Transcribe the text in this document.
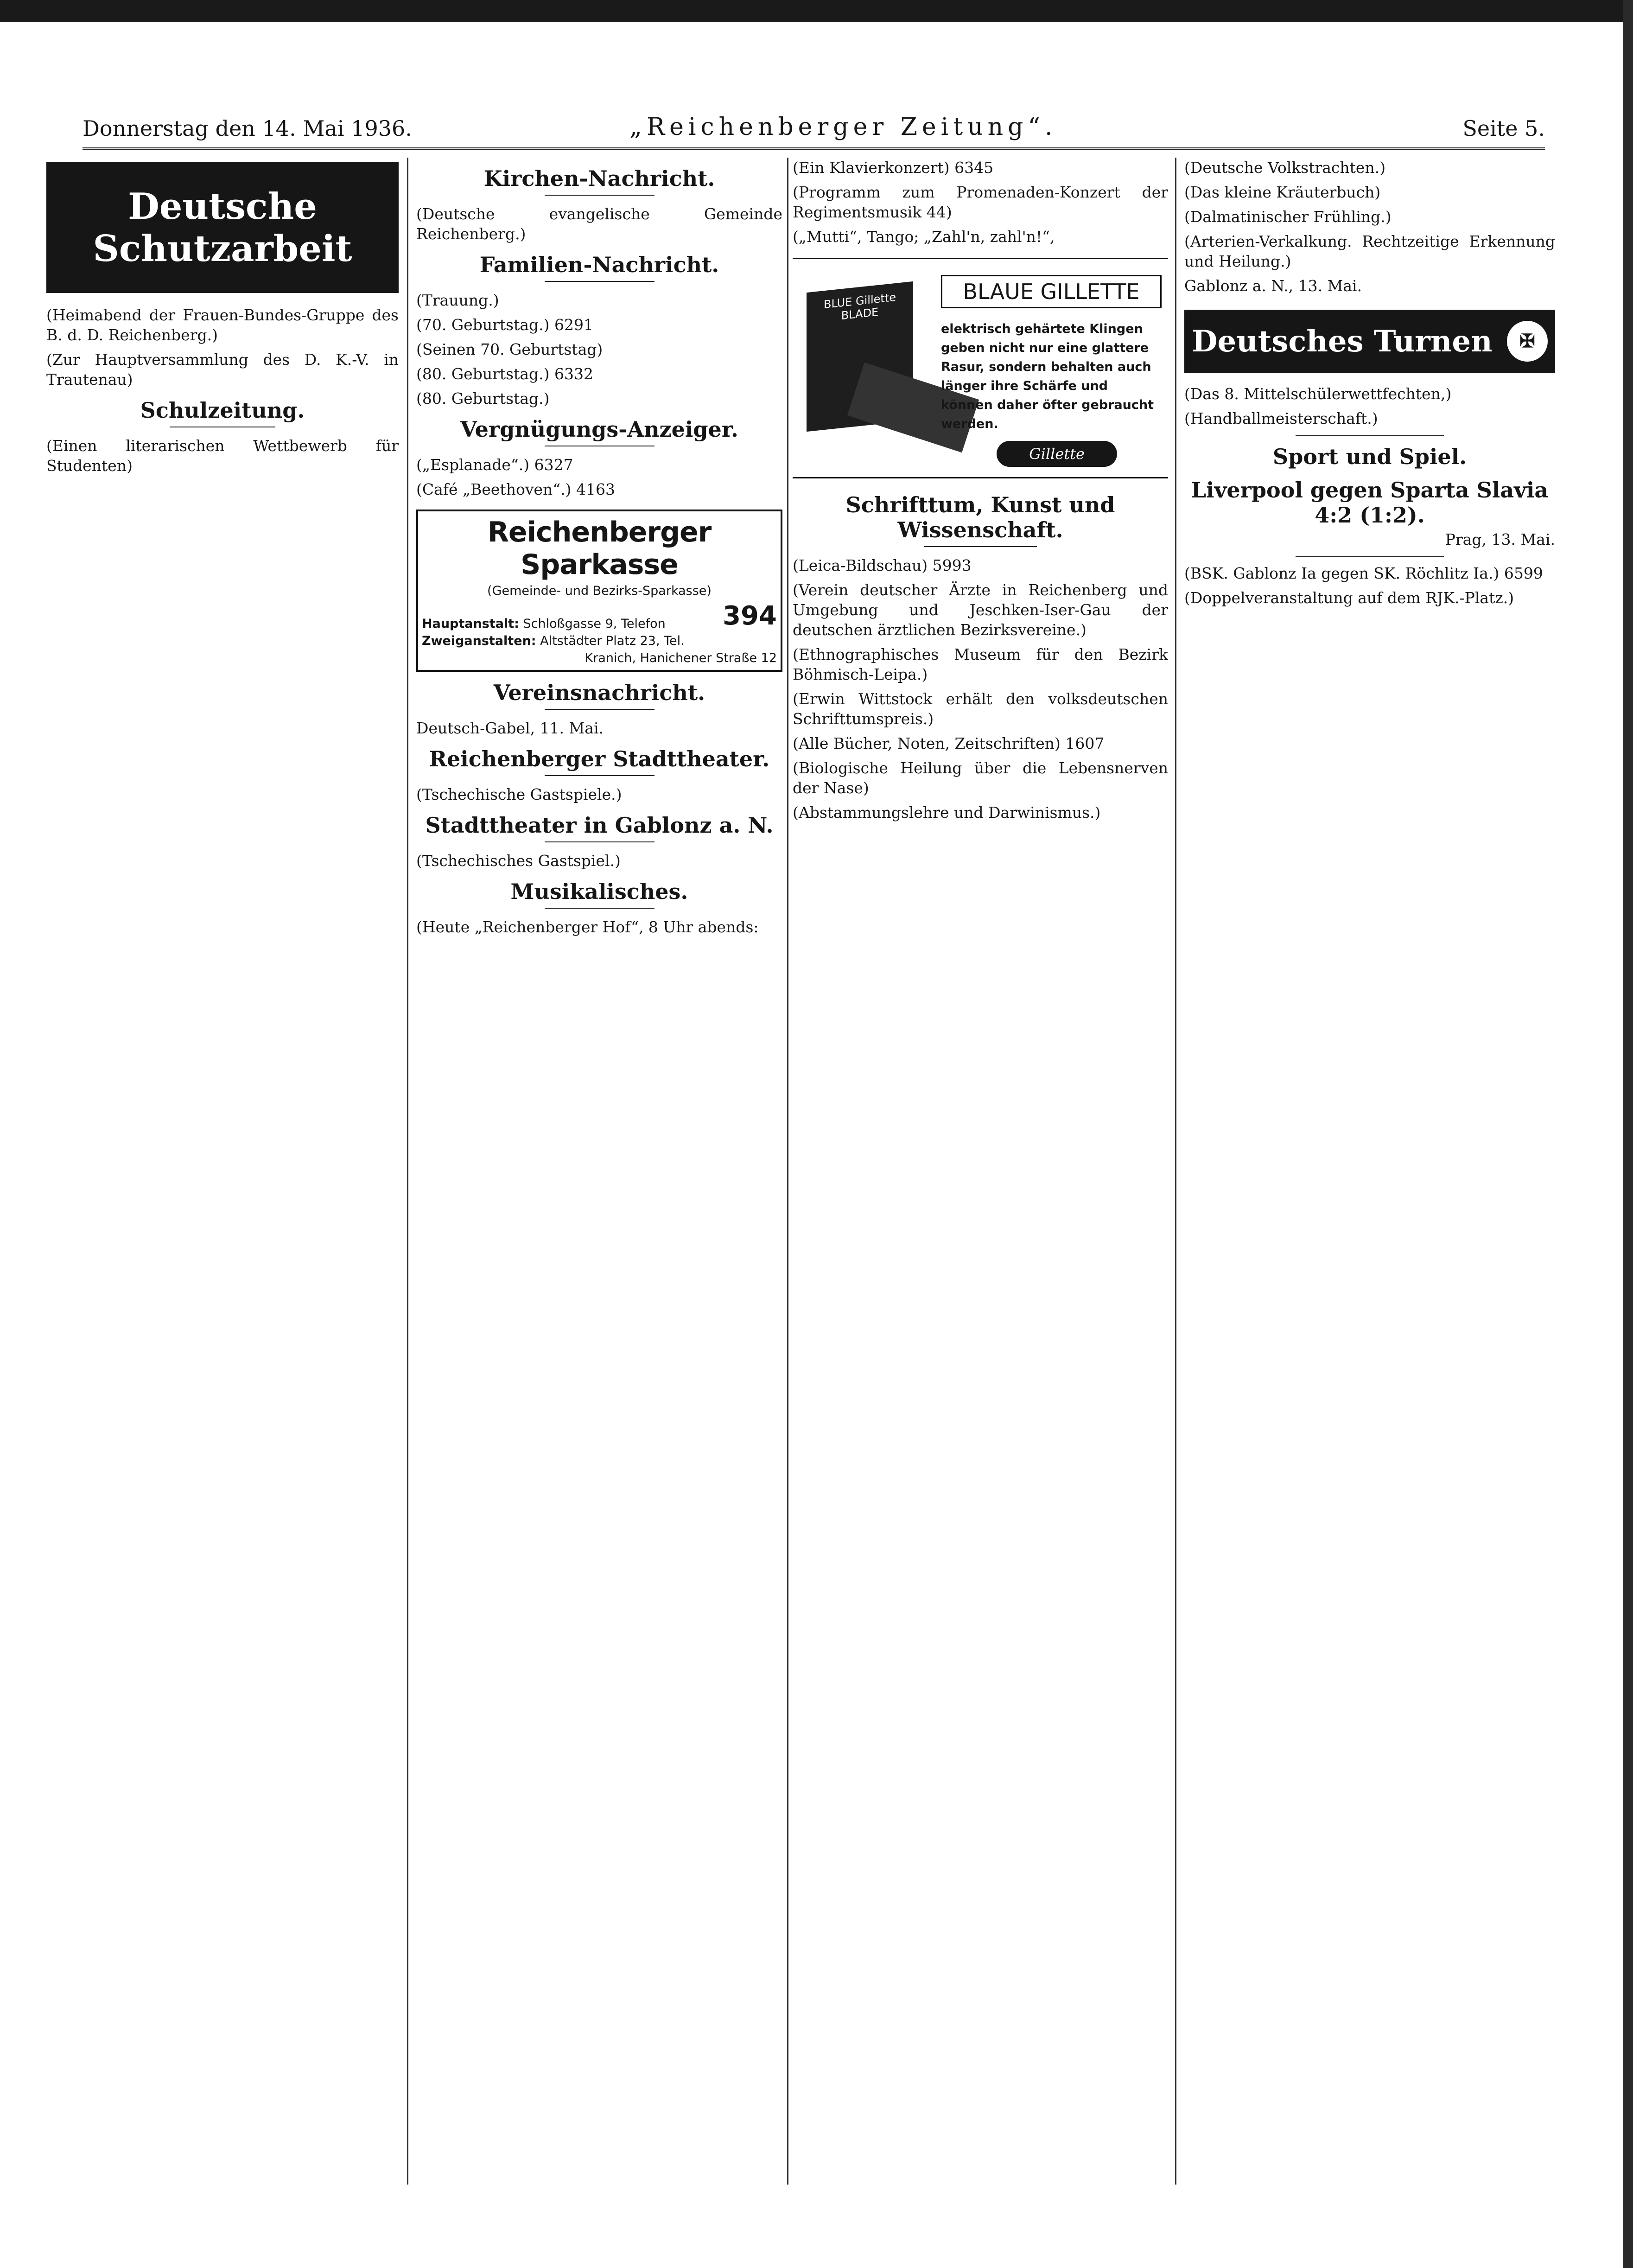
Donnerstag den 14. Mai 1936.	„Reichenberger Zeitung“.	Seite 5.

Deutsche Schutzarbeit

(Heimabend der Frauen-Bundes-Gruppe des B. d. D. Reichenberg.)

(Zur Hauptversammlung des D. K.-V. in Trautenau)

Schulzeitung.

(Einen literarischen Wettbewerb für Studenten)

Kirchen-Nachricht.

(Deutsche evangelische Gemeinde Reichenberg.)

Familien-Nachricht.

(Trauung.)

(70. Geburtstag.) 6291

(Seinen 70. Geburtstag)

(80. Geburtstag.) 6332

(80. Geburtstag.)

Vergnügungs-Anzeiger.

(„Esplanade“.) 6327

(Café „Beethoven“.) 4163

Reichenberger Sparkasse
(Gemeinde- und Bezirks-Sparkasse)
Hauptanstalt: Schloßgasse 9, Telefon 394
Zweiganstalten: Altstädter Platz 23, Tel.
Kranich, Hanichener Straße 12
Vereinsnachricht.

Deutsch-Gabel, 11. Mai.

Reichenberger Stadttheater.

(Tschechische Gastspiele.)

Stadttheater in Gablonz a. N.

(Tschechisches Gastspiel.)

Musikalisches.

(Heute „Reichenberger Hof“, 8 Uhr abends:

(Ein Klavierkonzert) 6345

(Programm zum Promenaden-Konzert der Regimentsmusik 44)

(„Mutti“, Tango; „Zahl'n, zahl'n!“,

BLUE Gillette BLADE
BLAUE GILLETTE
elektrisch gehärtete Klingen geben nicht nur eine glattere Rasur, sondern behalten auch länger ihre Schärfe und können daher öfter gebraucht werden.
Gillette
Schrifttum, Kunst und Wissenschaft.

(Leica-Bildschau) 5993

(Verein deutscher Ärzte in Reichenberg und Umgebung und Jeschken-Iser-Gau der deutschen ärztlichen Bezirksvereine.)

(Ethnographisches Museum für den Bezirk Böhmisch-Leipa.)

(Erwin Wittstock erhält den volksdeutschen Schrifttumspreis.)

(Alle Bücher, Noten, Zeitschriften) 1607

(Biologische Heilung über die Lebensnerven der Nase)

(Abstammungslehre und Darwinismus.)

(Deutsche Volkstrachten.)

(Das kleine Kräuterbuch)

(Dalmatinischer Frühling.)

(Arterien-Verkalkung. Rechtzeitige Erkennung und Heilung.)

Gablonz a. N., 13. Mai.

Deutsches Turnen	✠

(Das 8. Mittelschülerwettfechten,)

(Handballmeisterschaft.)

Sport und Spiel.
Liverpool gegen Sparta Slavia 4:2 (1:2).

Prag, 13. Mai.

(BSK. Gablonz Ia gegen SK. Röchlitz Ia.) 6599

(Doppelveranstaltung auf dem RJK.-Platz.)
